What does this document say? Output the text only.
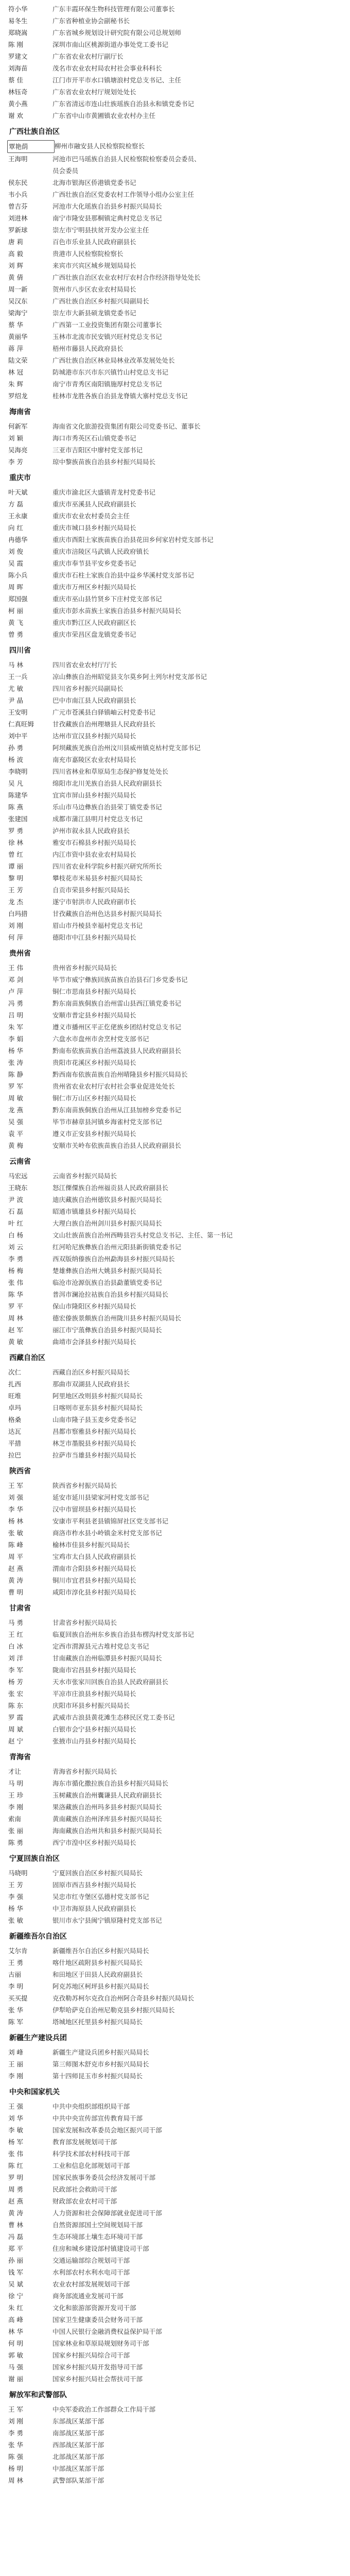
符小华	广东丰霞环保生物科技管理有限公司董事长
易冬生	广东省种植业协会副秘书长
郑晓嵩	广东省城乡规划设计研究院有限公司总规划师
陈 刚	深圳市南山区桃源街道办事处党工委书记
罗建文	广东省农业农村厅副厅长
刘海苗	茂名市农业农村局农村社会事业科科长
蔡 佳	江门市开平市水口镇塘浪村党总支书记、主任
林钰奇	广东省农业农村厅规划处处长
黄小燕	广东省清远市连山壮族瑶族自治县永和镇党委书记
谢 欢	广东省中山市黄圃镇农业农村办主任
广西壮族自治区
覃艳荫	柳州市融安县人民检察院检察长
王海明	河池市巴马瑶族自治县人民检察院检察委员会委员、
员会委员
侯东民	北海市银海区侨港镇党委书记
韦小兵	广西壮族自治区党委农村工作领导小组办公室主任
曾吉芬	河池市大化瑶族自治县乡村振兴局局长
刘进林	南宁市隆安县那桐镇定典村党总支书记
罗新球	崇左市宁明县扶贫开发办公室主任
唐 莉	百色市乐业县人民政府副县长
高 毅	贵港市人民检察院检察长
刘 辉	来宾市兴宾区城乡规划局局长
黄 倩	广西壮族自治区农业农村厅农村合作经济指导处处长
周一新	贺州市八步区农业农村局局长
吴汉东	广西壮族自治区乡村振兴局副局长
梁海宁	崇左市大新县硕龙镇党委书记
蔡 华	广西第一工业投资集团有限公司董事长
黄丽华	玉林市北流市民安镇兴旺村党总支书记
蒋 萍	梧州市藤县人民政府县长
陆文荣	广西壮族自治区林业局林业改革发展处处长
林 冠	防城港市东兴市东兴镇竹山村党总支书记
朱 辉	南宁市青秀区南阳镇施厚村党总支书记
罗绍龙	桂林市龙胜各族自治县龙脊镇大寨村党总支书记
海南省
何新军	海南省文化旅游投资集团有限公司党委书记、董事长
刘 颖	海口市秀英区石山镇党委书记
吴海亮	三亚市吉阳区中廖村党支部书记
李 芳	琼中黎族苗族自治县乡村振兴局局长
重庆市
叶天斌	重庆市渝北区大盛镇青龙村党委书记
方 磊	重庆市巫溪县人民政府副县长
王永康	重庆市农业农村委员会主任
向 红	重庆市城口县乡村振兴局局长
冉德华	重庆市酉阳土家族苗族自治县花田乡何家岩村党支部书记
刘 俊	重庆市涪陵区马武镇人民政府镇长
吴 霞	重庆市奉节县平安乡党委书记
陈小兵	重庆市石柱土家族自治县中益乡华溪村党支部书记
周 晖	重庆市万州区乡村振兴局局长
郑国强	重庆市巫山县竹贤乡下庄村党支部书记
柯 丽	重庆市彭水苗族土家族自治县乡村振兴局局长
黄 飞	重庆市黔江区人民政府副区长
曾 勇	重庆市荣昌区盘龙镇党委书记
四川省
马 林	四川省农业农村厅厅长
王一兵	凉山彝族自治州昭觉县支尔莫乡阿土列尔村党支部书记
尤 敏	四川省乡村振兴局副局长
尹 晶	巴中市南江县人民政府副县长
王安明	广元市苍溪县白驿镇岫云村党委书记
仁真旺姆	甘孜藏族自治州理塘县人民政府县长
刘中平	达州市宣汉县乡村振兴局局长
孙 勇	阿坝藏族羌族自治州汶川县威州镇克枯村党支部书记
杨 波	南充市嘉陵区农业农村局局长
李晓明	四川省林业和草原局生态保护修复处处长
吴 凡	绵阳市北川羌族自治县人民政府副县长
陈建华	宜宾市屏山县乡村振兴局局长
陈 燕	乐山市马边彝族自治县荣丁镇党委书记
张建国	成都市蒲江县明月村党总支书记
罗 勇	泸州市叙永县人民政府县长
徐 林	雅安市石棉县乡村振兴局局长
曾 红	内江市资中县农业农村局局长
谭 丽	四川省农业科学院乡村振兴研究所所长
黎 明	攀枝花市米易县乡村振兴局局长
王 芳	自贡市荣县乡村振兴局局长
龙 杰	遂宁市射洪市人民政府副市长
白玛措	甘孜藏族自治州色达县乡村振兴局局长
刘 刚	眉山市丹棱县幸福村党总支书记
何 萍	德阳市中江县乡村振兴局局长
贵州省
王 伟	贵州省乡村振兴局局长
邓 剑	毕节市威宁彝族回族苗族自治县石门乡党委书记
卢 萍	铜仁市思南县乡村振兴局局长
冯 勇	黔东南苗族侗族自治州雷山县西江镇党委书记
吕 明	安顺市普定县乡村振兴局局长
朱 军	遵义市播州区平正仡佬族乡团结村党总支书记
李 娟	六盘水市盘州市舍烹村党支部书记
杨 华	黔南布依族苗族自治州荔波县人民政府副县长
张 涛	贵阳市花溪区乡村振兴局局长
陈 静	黔西南布依族苗族自治州晴隆县乡村振兴局局长
罗 军	贵州省农业农村厅农村社会事业促进处处长
周 敏	铜仁市万山区乡村振兴局局长
龙 燕	黔东南苗族侗族自治州从江县加榜乡党委书记
吴 强	毕节市赫章县河镇乡海雀村党支部书记
袁 平	遵义市正安县乡村振兴局局长
黄 梅	安顺市关岭布依族苗族自治县人民政府副县长
云南省
马宏远	云南省乡村振兴局局长
王晓东	怒江傈僳族自治州福贡县人民政府副县长
尹 波	迪庆藏族自治州德钦县乡村振兴局局长
石 磊	昭通市镇雄县乡村振兴局局长
叶 红	大理白族自治州剑川县乡村振兴局局长
白 杨	文山壮族苗族自治州西畴县岩头村党总支书记、主任、第一书记
刘 云	红河哈尼族彝族自治州元阳县新街镇党委书记
李 勇	西双版纳傣族自治州勐海县乡村振兴局局长
杨 梅	楚雄彝族自治州大姚县乡村振兴局局长
张 伟	临沧市沧源佤族自治县勐董镇党委书记
陈 华	普洱市澜沧拉祜族自治县乡村振兴局局长
罗 平	保山市隆阳区乡村振兴局局长
周 林	德宏傣族景颇族自治州陇川县乡村振兴局局长
赵 军	丽江市宁蒗彝族自治县乡村振兴局局长
黄 敏	曲靖市会泽县乡村振兴局局长
西藏自治区
次仁	西藏自治区乡村振兴局局长
扎西	那曲市双湖县人民政府县长
旺堆	阿里地区改则县乡村振兴局局长
卓玛	日喀则市亚东县乡村振兴局局长
格桑	山南市隆子县玉麦乡党委书记
达瓦	昌都市察雅县乡村振兴局局长
平措	林芝市墨脱县乡村振兴局局长
拉巴	拉萨市当雄县乡村振兴局局长
陕西省
王 军	陕西省乡村振兴局局长
刘 强	延安市延川县梁家河村党支部书记
李 华	汉中市留坝县乡村振兴局局长
杨 林	安康市平利县老县镇锦屏社区党支部书记
张 敏	商洛市柞水县小岭镇金米村党支部书记
陈 峰	榆林市佳县乡村振兴局局长
周 平	宝鸡市太白县人民政府副县长
赵 燕	渭南市合阳县乡村振兴局局长
黄 涛	铜川市宜君县乡村振兴局局长
曹 明	咸阳市淳化县乡村振兴局局长
甘肃省
马 勇	甘肃省乡村振兴局局长
王 红	临夏回族自治州东乡族自治县布楞沟村党支部书记
白 冰	定西市渭源县元古堆村党总支书记
刘 洋	甘南藏族自治州临潭县乡村振兴局局长
李 军	陇南市宕昌县乡村振兴局局长
杨 芳	天水市张家川回族自治县人民政府副县长
张 宏	平凉市庄浪县乡村振兴局局长
陈 东	庆阳市环县乡村振兴局局长
罗 霞	武威市古浪县黄花滩生态移民区党工委书记
周 斌	白银市会宁县乡村振兴局局长
赵 宁	张掖市山丹县乡村振兴局局长
青海省
才让	青海省乡村振兴局局长
马 明	海东市循化撒拉族自治县乡村振兴局局长
王 珍	玉树藏族自治州囊谦县人民政府副县长
李 刚	果洛藏族自治州玛多县乡村振兴局局长
索南	黄南藏族自治州泽库县乡村振兴局局长
张 丽	海南藏族自治州共和县乡村振兴局局长
陈 勇	西宁市湟中区乡村振兴局局长
宁夏回族自治区
马晓明	宁夏回族自治区乡村振兴局局长
王 芳	固原市西吉县乡村振兴局局长
李 强	吴忠市红寺堡区弘德村党支部书记
杨 华	中卫市海原县人民政府副县长
张 敏	银川市永宁县闽宁镇原隆村党支部书记
新疆维吾尔自治区
艾尔肯	新疆维吾尔自治区乡村振兴局局长
王 勇	喀什地区疏附县乡村振兴局局长
古丽	和田地区于田县人民政府副县长
李 明	阿克苏地区柯坪县乡村振兴局局长
买买提	克孜勒苏柯尔克孜自治州阿合奇县乡村振兴局局长
张 华	伊犁哈萨克自治州尼勒克县乡村振兴局局长
陈 军	塔城地区托里县乡村振兴局局长
新疆生产建设兵团
刘 峰	新疆生产建设兵团乡村振兴局局长
王 丽	第三师图木舒克市乡村振兴局局长
李 刚	第十四师昆玉市乡村振兴局局长
中央和国家机关
王 强	中共中央组织部组织局干部
刘 华	中共中央宣传部宣传教育局干部
李 敏	国家发展和改革委员会地区振兴司干部
杨 军	教育部发展规划司干部
张 伟	科学技术部农村科技司干部
陈 红	工业和信息化部规划司干部
罗 明	国家民族事务委员会经济发展司干部
周 勇	民政部社会救助司干部
赵 燕	财政部农业农村司干部
黄 涛	人力资源和社会保障部就业促进司干部
曹 林	自然资源部国土空间规划局干部
冯 磊	生态环境部土壤生态环境司干部
郑 平	住房和城乡建设部村镇建设司干部
孙 丽	交通运输部综合规划司干部
钱 军	水利部农村水利水电司干部
吴 斌	农业农村部发展规划司干部
徐 宁	商务部流通业发展司干部
朱 红	文化和旅游部资源开发司干部
高 峰	国家卫生健康委员会财务司干部
林 华	中国人民银行金融消费权益保护局干部
何 明	国家林业和草原局规划财务司干部
郭 敏	国家乡村振兴局综合司干部
马 强	国家乡村振兴局开发指导司干部
谢 丽	国家乡村振兴局社会帮扶司干部
解放军和武警部队
王 军	中央军委政治工作部群众工作局干部
刘 刚	东部战区某部干部
李 勇	南部战区某部干部
张 华	西部战区某部干部
陈 强	北部战区某部干部
杨 明	中部战区某部干部
周 林	武警部队某部干部
